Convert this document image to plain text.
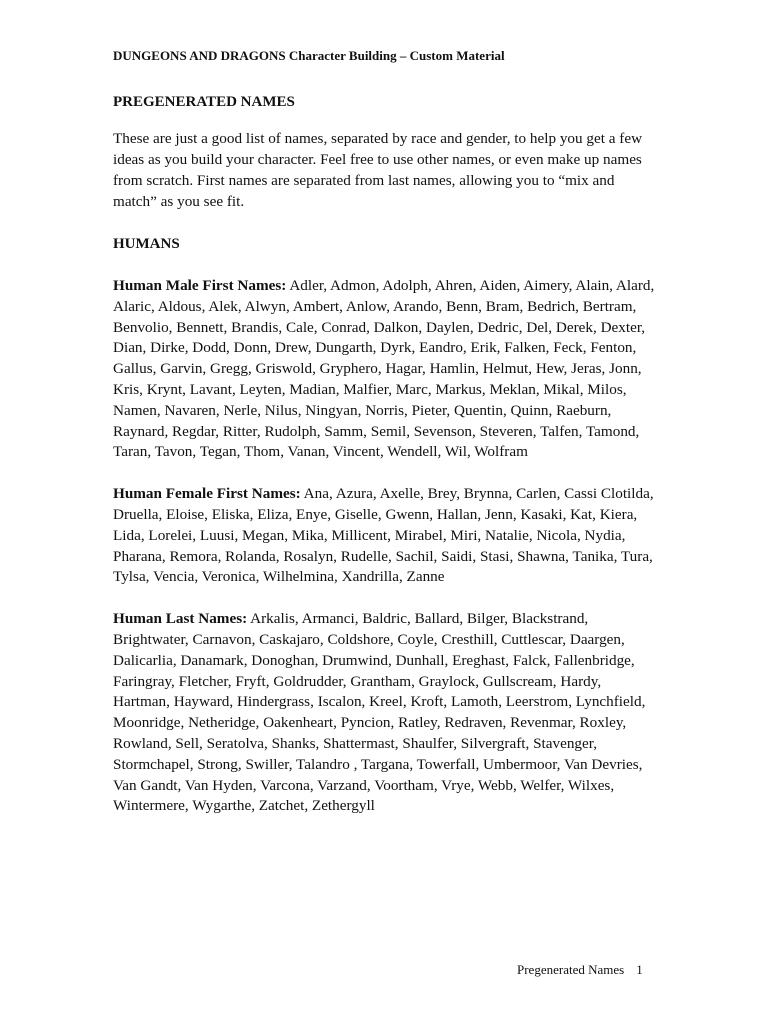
DUNGEONS AND DRAGONS Character Building – Custom Material

PREGENERATED NAMES

These are just a good list of names, separated by race and gender, to help you get a few ideas as you build your character. Feel free to use other names, or even make up names from scratch. First names are separated from last names, allowing you to “mix and match” as you see fit.

HUMANS

Human Male First Names: Adler, Admon, Adolph, Ahren, Aiden, Aimery, Alain, Alard, Alaric, Aldous, Alek, Alwyn, Ambert, Anlow, Arando, Benn, Bram, Bedrich, Bertram, Benvolio, Bennett, Brandis, Cale, Conrad, Dalkon, Daylen, Dedric, Del, Derek, Dexter, Dian, Dirke, Dodd, Donn, Drew, Dungarth, Dyrk, Eandro, Erik, Falken, Feck, Fenton, Gallus, Garvin, Gregg, Griswold, Gryphero, Hagar, Hamlin, Helmut, Hew, Jeras, Jonn, Kris, Krynt, Lavant, Leyten, Madian, Malfier, Marc, Markus, Meklan, Mikal, Milos, Namen, Navaren, Nerle, Nilus, Ningyan, Norris, Pieter, Quentin, Quinn, Raeburn, Raynard, Regdar, Ritter, Rudolph, Samm, Semil, Sevenson, Steveren, Talfen, Tamond, Taran, Tavon, Tegan, Thom, Vanan, Vincent, Wendell, Wil, Wolfram

Human Female First Names: Ana, Azura, Axelle, Brey, Brynna, Carlen, Cassi Clotilda, Druella, Eloise, Eliska, Eliza, Enye, Giselle, Gwenn, Hallan, Jenn, Kasaki, Kat, Kiera, Lida, Lorelei, Luusi, Megan, Mika, Millicent, Mirabel, Miri, Natalie, Nicola, Nydia, Pharana, Remora, Rolanda, Rosalyn, Rudelle, Sachil, Saidi, Stasi, Shawna, Tanika, Tura, Tylsa, Vencia, Veronica, Wilhelmina, Xandrilla, Zanne

Human Last Names: Arkalis, Armanci, Baldric, Ballard, Bilger, Blackstrand, Brightwater, Carnavon, Caskajaro, Coldshore, Coyle, Cresthill, Cuttlescar, Daargen, Dalicarlia, Danamark, Donoghan, Drumwind, Dunhall, Ereghast, Falck, Fallenbridge, Faringray, Fletcher, Fryft, Goldrudder, Grantham, Graylock, Gullscream, Hardy, Hartman, Hayward, Hindergrass, Iscalon, Kreel, Kroft, Lamoth, Leerstrom, Lynchfield, Moonridge, Netheridge, Oakenheart, Pyncion, Ratley, Redraven, Revenmar, Roxley, Rowland, Sell, Seratolva, Shanks, Shattermast, Shaulfer, Silvergraft, Stavenger, Stormchapel, Strong, Swiller, Talandro , Targana, Towerfall, Umbermoor, Van Devries, Van Gandt, Van Hyden, Varcona, Varzand, Voortham, Vrye, Webb, Welfer, Wilxes, Wintermere, Wygarthe, Zatchet, Zethergyll

Pregenerated Names 1
